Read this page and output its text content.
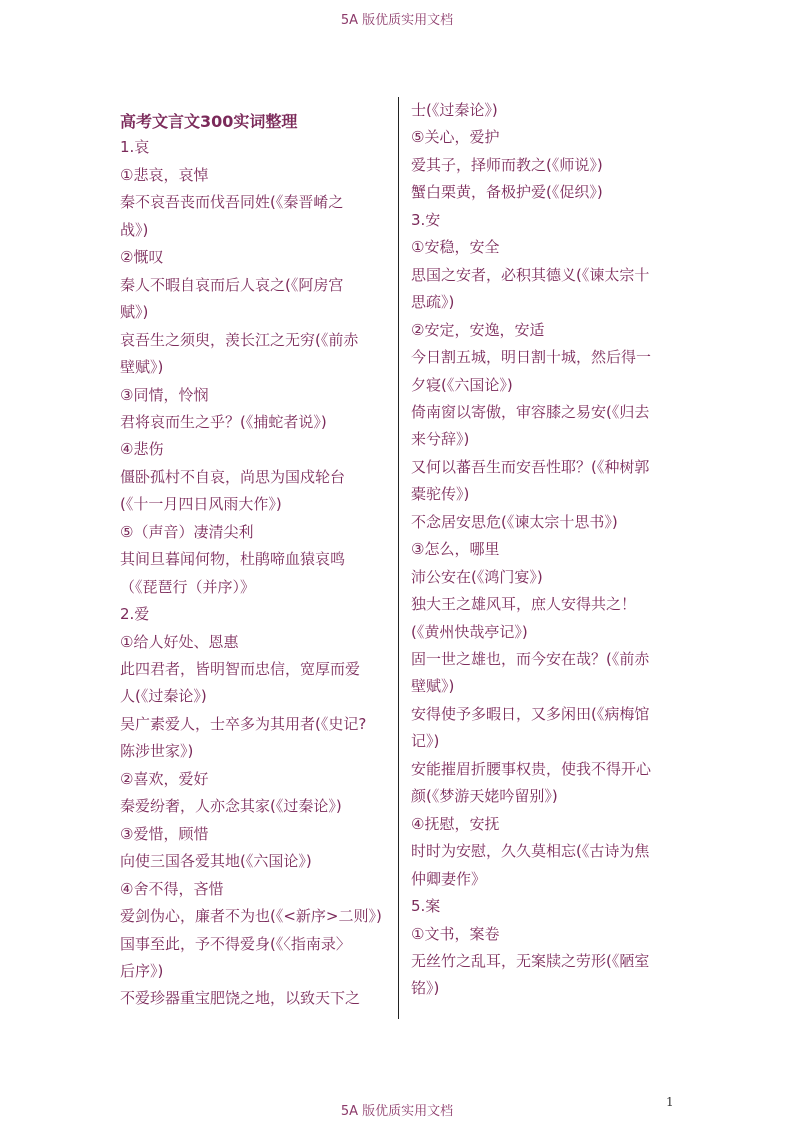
5A 版优质实用文档
高考文言文300实词整理
1.哀
①悲哀，哀悼
秦不哀吾丧而伐吾同姓(《秦晋崤之
战》)
②慨叹
秦人不暇自哀而后人哀之(《阿房宫
赋》)
哀吾生之须臾，羡长江之无穷(《前赤
壁赋》)
③同情，怜悯
君将哀而生之乎？(《捕蛇者说》)
④悲伤
僵卧孤村不自哀，尚思为国戍轮台
(《十一月四日风雨大作》)
⑤（声音）凄清尖利
其间旦暮闻何物，杜鹃啼血猿哀鸣
（《琵琶行（并序）》
2.爱
①给人好处、恩惠
此四君者，皆明智而忠信，宽厚而爱
人(《过秦论》)
吴广素爱人，士卒多为其用者(《史记?
陈涉世家》)
②喜欢，爱好
秦爱纷奢，人亦念其家(《过秦论》)
③爱惜，顾惜
向使三国各爱其地(《六国论》)
④舍不得，吝惜
爱剑伪心，廉者不为也(《<新序>二则》)
国事至此，予不得爱身(《〈指南录〉
后序》)
不爱珍器重宝肥饶之地，以致天下之
士(《过秦论》)
⑤关心，爱护
爱其子，择师而教之(《师说》)
蟹白栗黄，备极护爱(《促织》)
3.安
①安稳，安全
思国之安者，必积其德义(《谏太宗十
思疏》)
②安定，安逸，安适
今日割五城，明日割十城，然后得一
夕寝(《六国论》)
倚南窗以寄傲，审容膝之易安(《归去
来兮辞》)
又何以蕃吾生而安吾性耶？(《种树郭
橐驼传》)
不念居安思危(《谏太宗十思书》)
③怎么，哪里
沛公安在(《鸿门宴》)
独大王之雄风耳，庶人安得共之！
(《黄州快哉亭记》)
固一世之雄也，而今安在哉？(《前赤
壁赋》)
安得使予多暇日，又多闲田(《病梅馆
记》)
安能摧眉折腰事权贵，使我不得开心
颜(《梦游天姥吟留别》)
④抚慰，安抚
时时为安慰，久久莫相忘(《古诗为焦
仲卿妻作》
5.案
①文书，案卷
无丝竹之乱耳，无案牍之劳形(《陋室
铭》)
5A 版优质实用文档
1
